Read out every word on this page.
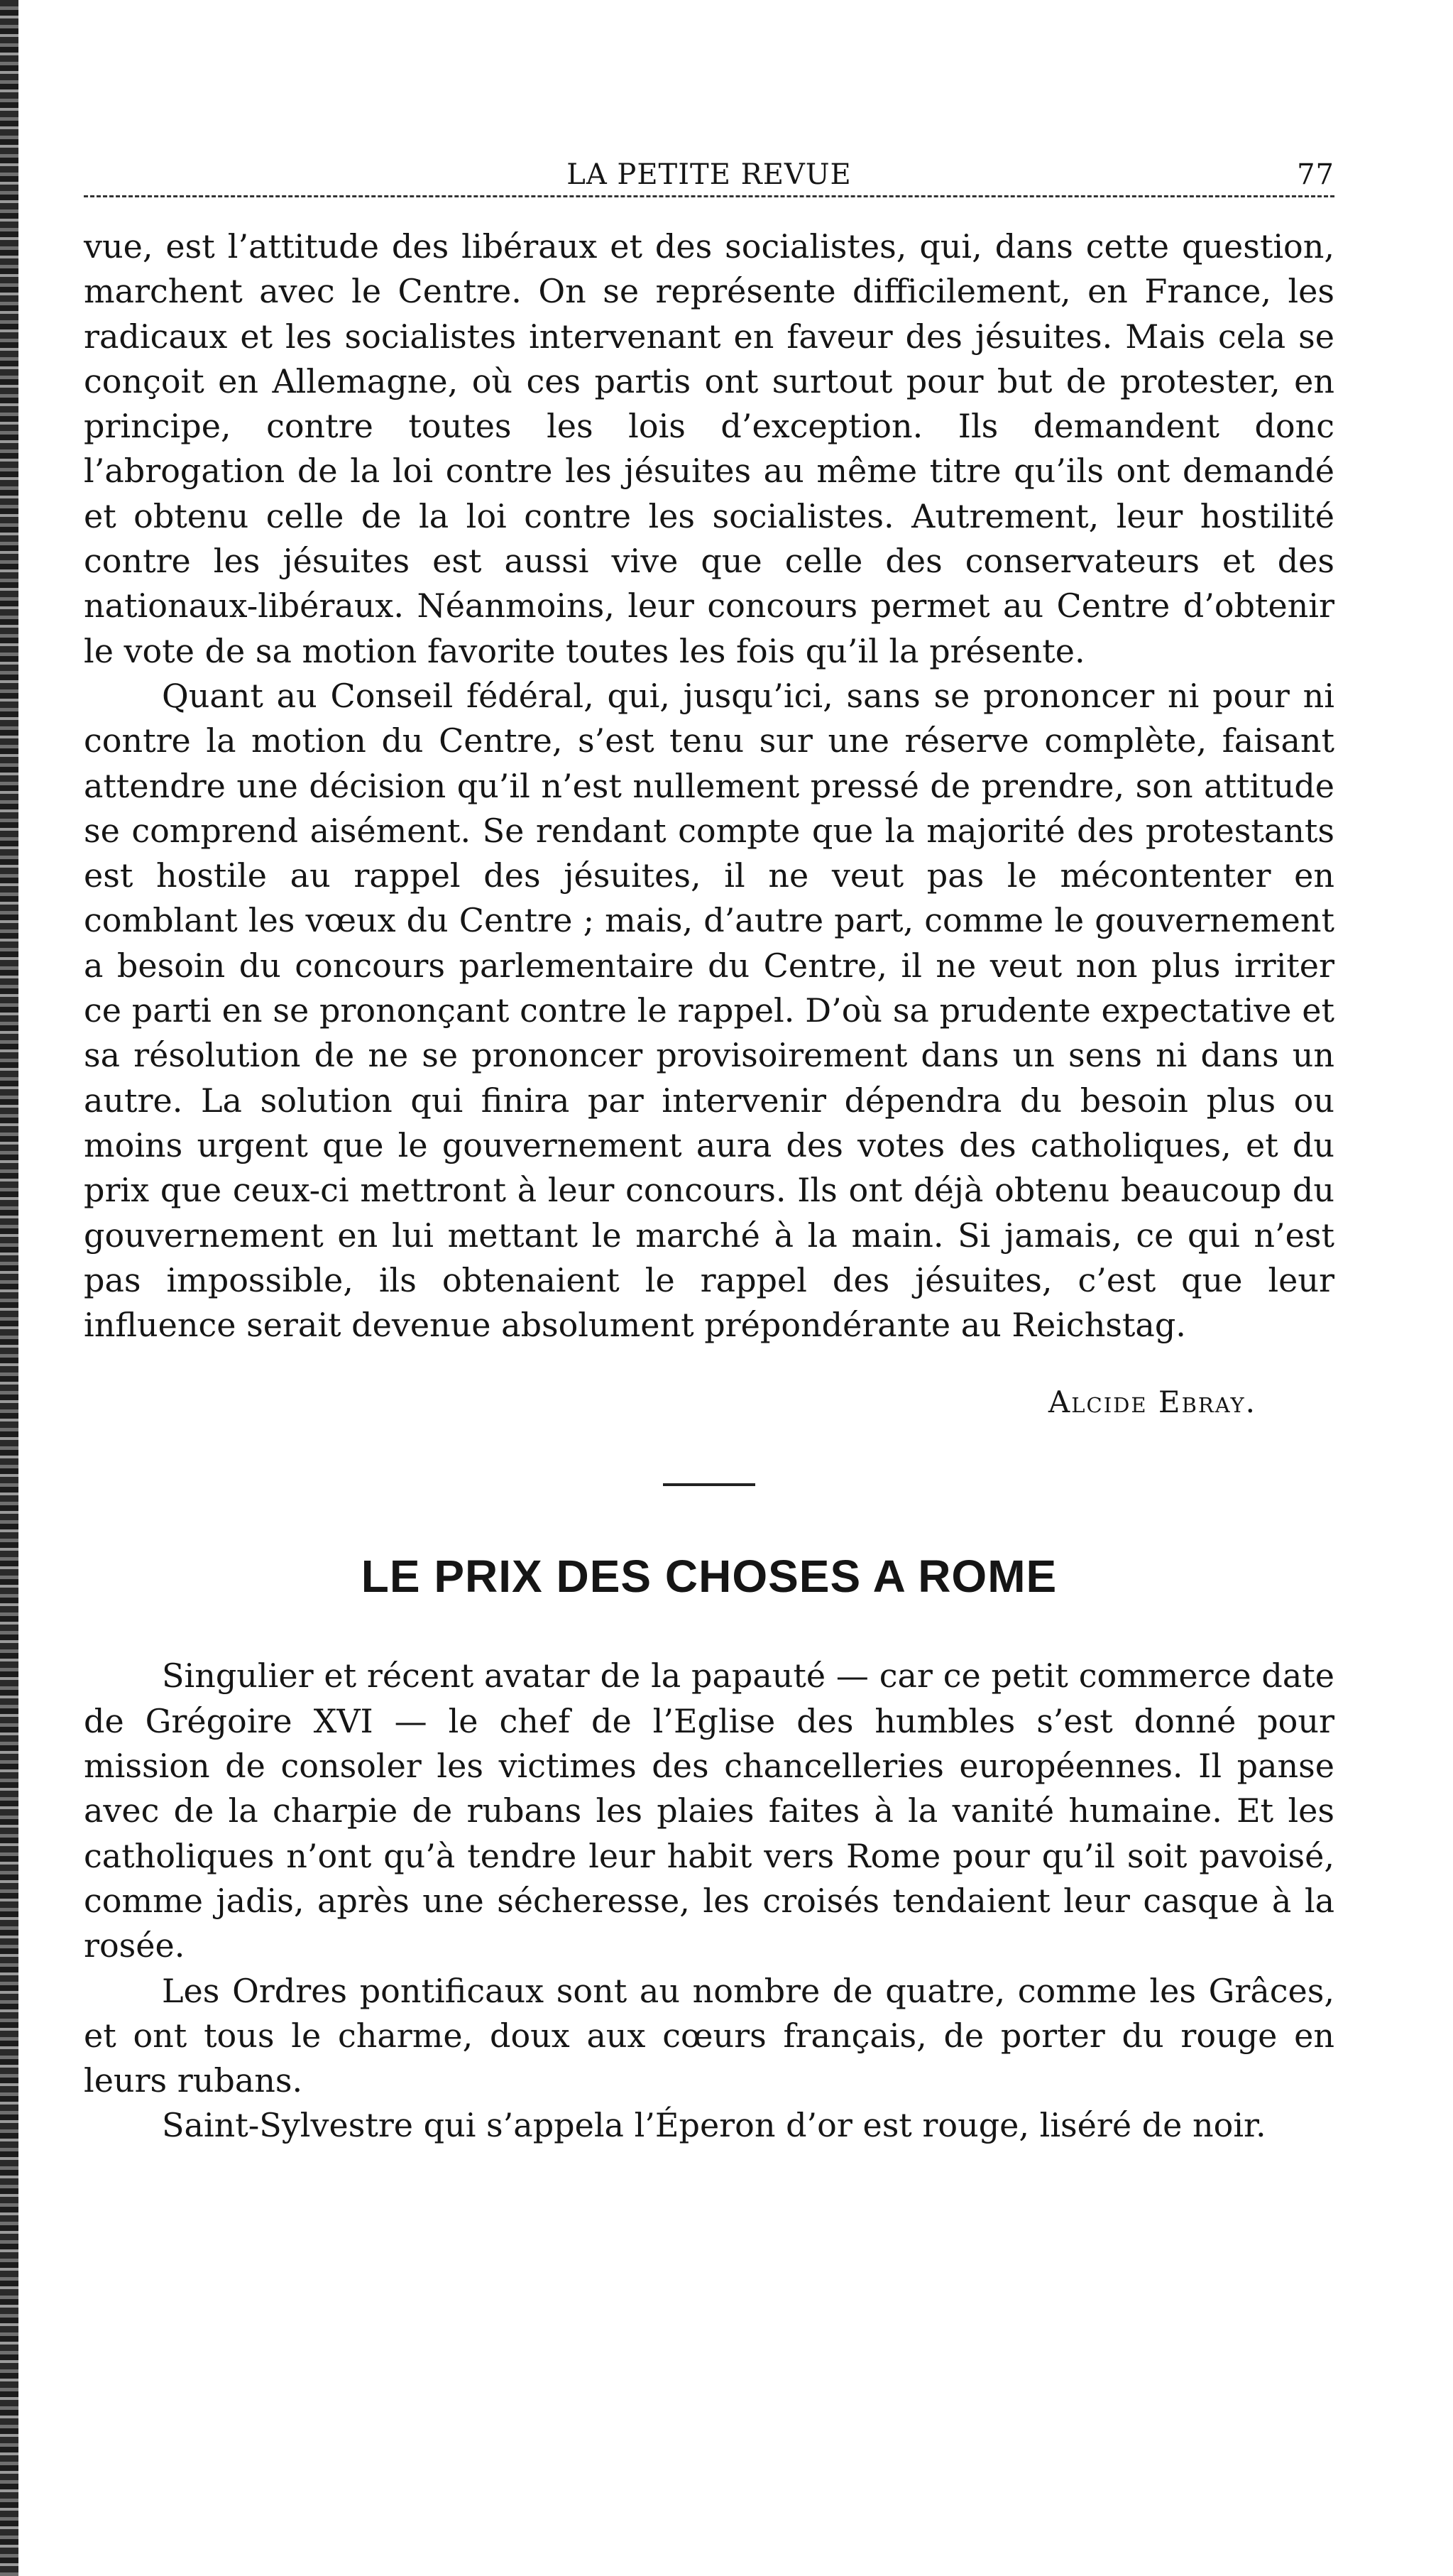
LA PETITE REVUE	77

vue, est l’attitude des libéraux et des socialistes, qui, dans cette question, marchent avec le Centre. On se représente difficilement, en France, les radicaux et les socialistes intervenant en faveur des jésuites. Mais cela se conçoit en Allemagne, où ces partis ont surtout pour but de protester, en principe, contre toutes les lois d’exception. Ils demandent donc l’abrogation de la loi contre les jésuites au même titre qu’ils ont demandé et obtenu celle de la loi contre les socialistes. Autrement, leur hostilité contre les jésuites est aussi vive que celle des conservateurs et des nationaux-libéraux. Néanmoins, leur concours permet au Centre d’obtenir le vote de sa motion favorite toutes les fois qu’il la présente.

Quant au Conseil fédéral, qui, jusqu’ici, sans se prononcer ni pour ni contre la motion du Centre, s’est tenu sur une réserve complète, faisant attendre une décision qu’il n’est nullement pressé de prendre, son attitude se comprend aisément. Se rendant compte que la majorité des protestants est hostile au rappel des jésuites, il ne veut pas le mécontenter en comblant les vœux du Centre ; mais, d’autre part, comme le gouvernement a besoin du concours parlementaire du Centre, il ne veut non plus irriter ce parti en se prononçant contre le rappel. D’où sa prudente expectative et sa résolution de ne se prononcer provisoirement dans un sens ni dans un autre. La solution qui finira par intervenir dépendra du besoin plus ou moins urgent que le gouvernement aura des votes des catholiques, et du prix que ceux-ci mettront à leur concours. Ils ont déjà obtenu beaucoup du gouvernement en lui mettant le marché à la main. Si jamais, ce qui n’est pas impossible, ils obtenaient le rappel des jésuites, c’est que leur influence serait devenue absolument prépondérante au Reichstag.

Alcide Ebray.
LE PRIX DES CHOSES A ROME

Singulier et récent avatar de la papauté — car ce petit commerce date de Grégoire XVI — le chef de l’Eglise des humbles s’est donné pour mission de consoler les victimes des chancelleries européennes. Il panse avec de la charpie de rubans les plaies faites à la vanité humaine. Et les catholiques n’ont qu’à tendre leur habit vers Rome pour qu’il soit pavoisé, comme jadis, après une sécheresse, les croisés tendaient leur casque à la rosée.

Les Ordres pontificaux sont au nombre de quatre, comme les Grâces, et ont tous le charme, doux aux cœurs français, de porter du rouge en leurs rubans.

Saint-Sylvestre qui s’appela l’Éperon d’or est rouge, liséré de noir.
